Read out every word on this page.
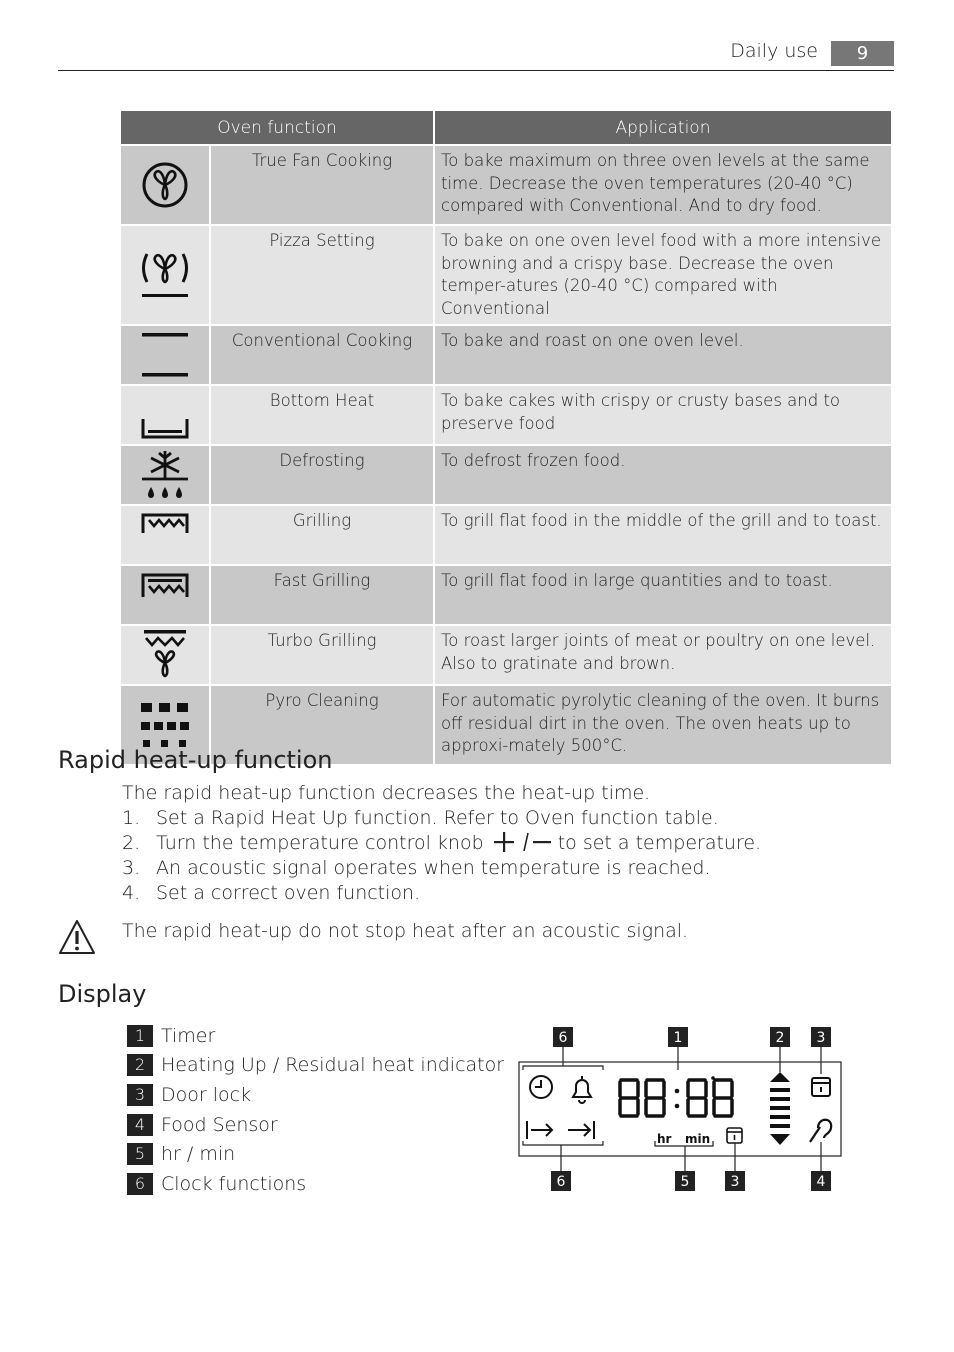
Daily use	9
Oven function		Application

	True Fan Cooking	To bake maximum on three oven levels at the same time. Decrease the oven temperatures (20-40 °C) compared with Conventional. And to dry food.

	Pizza Setting	To bake on one oven level food with a more intensive browning and a crispy base. Decrease the oven temper-atures (20-40 °C) compared with Conventional

	Conventional Cooking	To bake and roast on one oven level.

	Bottom Heat	To bake cakes with crispy or crusty bases and to preserve food

	Defrosting	To defrost frozen food.

	Grilling	To grill flat food in the middle of the grill and to toast.

	Fast Grilling	To grill flat food in large quantities and to toast.

	Turbo Grilling	To roast larger joints of meat or poultry on one level. Also to gratinate and brown.

	Pyro Cleaning	For automatic pyrolytic cleaning of the oven. It burns off residual dirt in the oven. The oven heats up to approxi-mately 500°C.
Rapid heat-up function

The rapid heat-up function decreases the heat-up time.

1. Set a Rapid Heat Up function. Refer to Oven function table.
2. Turn the temperature control knob	to set a temperature.
3. An acoustic signal operates when temperature is reached.
4. Set a correct oven function.

The rapid heat-up do not stop heat after an acoustic signal.

Display
1 Timer
2 Heating Up / Residual heat indicator
3 Door lock
4 Food Sensor
5 hr / min
6 Clock functions
6	1	2 3
hr min
6	5	3	4
